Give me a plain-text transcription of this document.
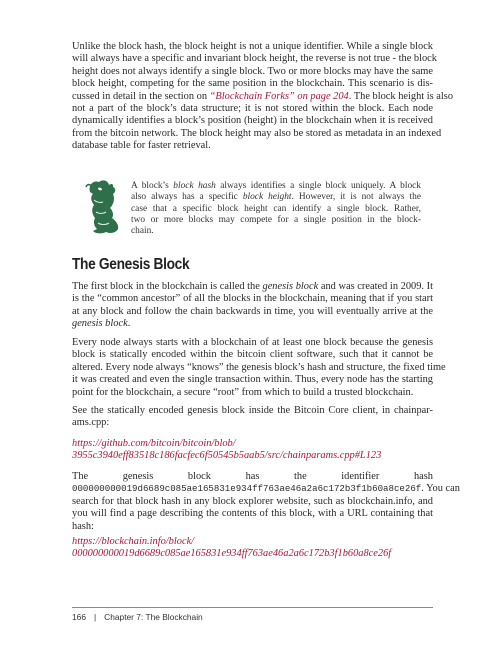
Unlike the block hash, the block height is not a unique identifier. While a single block
will always have a specific and invariant block height, the reverse is not true - the block
height does not always identify a single block. Two or more blocks may have the same
block height, competing for the same position in the blockchain. This scenario is dis-
cussed in detail in the section on “Blockchain Forks” on page 204. The block height is also
not a part of the block’s data structure; it is not stored within the block. Each node
dynamically identifies a block’s position (height) in the blockchain when it is received
from the bitcoin network. The block height may also be stored as metadata in an indexed
database table for faster retrieval.

A block’s block hash always identifies a single block uniquely. A block
also always has a specific block height. However, it is not always the
case that a specific block height can identify a single block. Rather,
two or more blocks may compete for a single position in the block-
chain.

The Genesis Block

The first block in the blockchain is called the genesis block and was created in 2009. It
is the “common ancestor” of all the blocks in the blockchain, meaning that if you start
at any block and follow the chain backwards in time, you will eventually arrive at the
genesis block.

Every node always starts with a blockchain of at least one block because the genesis
block is statically encoded within the bitcoin client software, such that it cannot be
altered. Every node always “knows” the genesis block’s hash and structure, the fixed time
it was created and even the single transaction within. Thus, every node has the starting
point for the blockchain, a secure “root” from which to build a trusted blockchain.

See the statically encoded genesis block inside the Bitcoin Core client, in chainpar-
ams.cpp:

https://github.com/bitcoin/bitcoin/blob/
3955c3940eff83518c186facfec6f50545b5aab5/src/chainparams.cpp#L123

The genesis block has the identifier hash
000000000019d6689c085ae165831e934ff763ae46a2a6c172b3f1b60a8ce26f. You can
search for that block hash in any block explorer website, such as blockchain.info, and
you will find a page describing the contents of this block, with a URL containing that
hash:

https://blockchain.info/block/
000000000019d6689c085ae165831e934ff763ae46a2a6c172b3f1b60a8ce26f

166 | Chapter 7: The Blockchain
